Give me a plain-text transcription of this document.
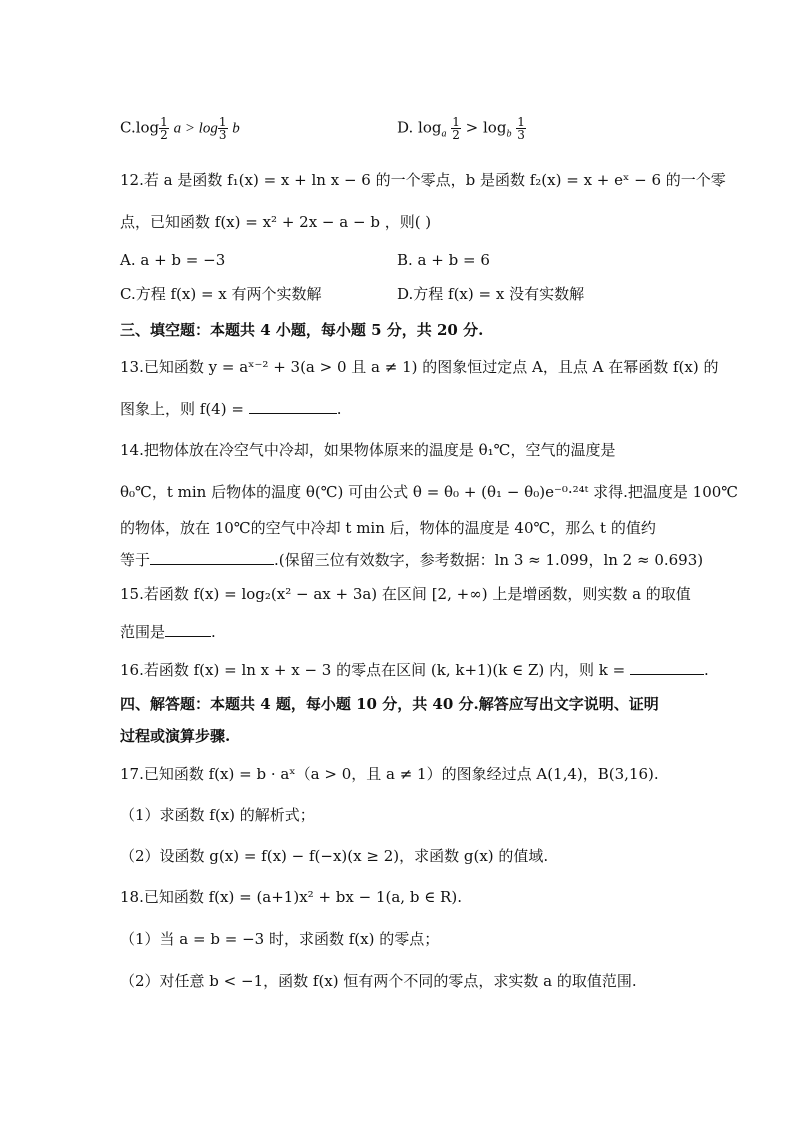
$C.\log \frac{1}{2}$ $a > \log \frac{1}{3}$ b	D. $\log_a \frac{1}{2} > \log_b \frac{1}{3}$
12.若 a 是函数 f₁(x) = x + ln x − 6 的一个零点，b 是函数 f₂(x) = x + eˣ − 6 的一个零
点，已知函数 f(x) = x² + 2x − a − b ，则( )
A. a + b = −3	B. a + b = 6
C.方程 f(x) = x 有两个实数解	D.方程 f(x) = x 没有实数解
三、填空题：本题共 4 小题，每小题 5 分，共 20 分.
13.已知函数 y = aˣ⁻² + 3(a > 0 且 a ≠ 1) 的图象恒过定点 A，且点 A 在幂函数 f(x) 的
图象上，则 f(4) =	.
14.把物体放在冷空气中冷却，如果物体原来的温度是 θ₁℃，空气的温度是
θ₀℃，t min 后物体的温度 θ(℃) 可由公式 θ = θ₀ + (θ₁ − θ₀)e⁻⁰·²⁴ᵗ 求得.把温度是 100℃
的物体，放在 10℃的空气中冷却 t min 后，物体的温度是 40℃，那么 t 的值约
等于	.(保留三位有效数字，参考数据：ln 3 ≈ 1.099，ln 2 ≈ 0.693)
15.若函数 f(x) = log₂(x² − ax + 3a) 在区间 [2, +∞) 上是增函数，则实数 a 的取值
范围是	.
16.若函数 f(x) = ln x + x − 3 的零点在区间 (k, k+1)(k ∈ Z) 内，则 k =	.
四、解答题：本题共 4 题，每小题 10 分，共 40 分.解答应写出文字说明、证明
过程或演算步骤.
17.已知函数 f(x) = b · aˣ（a > 0，且 a ≠ 1）的图象经过点 A(1,4)，B(3,16).
（1）求函数 f(x) 的解析式；
（2）设函数 g(x) = f(x) − f(−x)(x ≥ 2)，求函数 g(x) 的值域.
18.已知函数 f(x) = (a+1)x² + bx − 1(a, b ∈ R).
（1）当 a = b = −3 时，求函数 f(x) 的零点；
（2）对任意 b < −1，函数 f(x) 恒有两个不同的零点，求实数 a 的取值范围.
